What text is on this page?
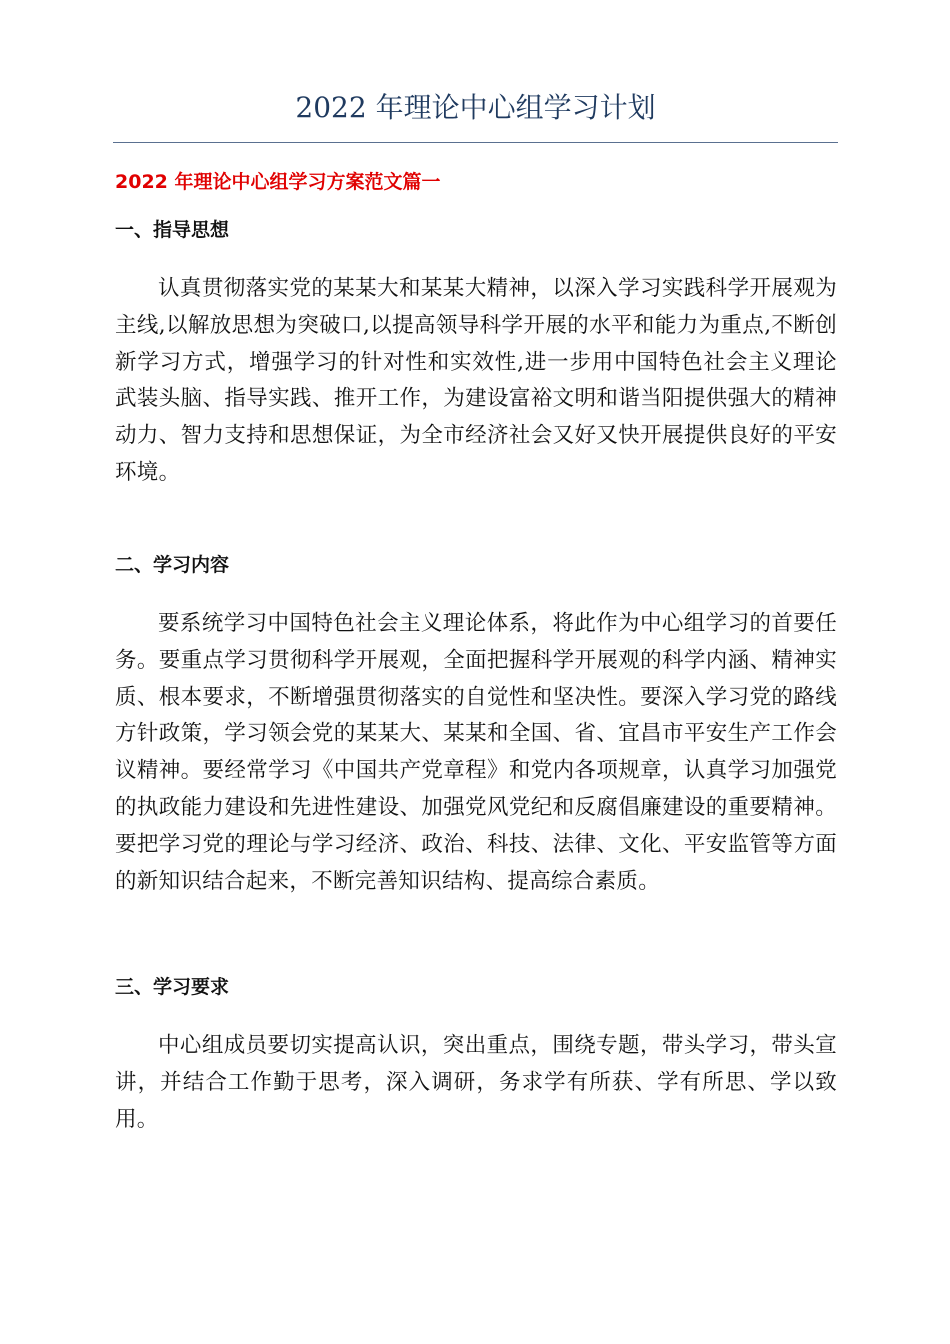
2022 年理论中心组学习计划
2022 年理论中心组学习方案范文篇一
一、指导思想

认真贯彻落实党的某某大和某某大精神，以深入学习实践科学开展观为主线,以解放思想为突破口,以提高领导科学开展的水平和能力为重点,不断创新学习方式，增强学习的针对性和实效性,进一步用中国特色社会主义理论武装头脑、指导实践、推开工作，为建设富裕文明和谐当阳提供强大的精神动力、智力支持和思想保证，为全市经济社会又好又快开展提供良好的平安环境。

二、学习内容

要系统学习中国特色社会主义理论体系，将此作为中心组学习的首要任务。要重点学习贯彻科学开展观，全面把握科学开展观的科学内涵、精神实质、根本要求，不断增强贯彻落实的自觉性和坚决性。要深入学习党的路线方针政策，学习领会党的某某大、某某和全国、省、宜昌市平安生产工作会议精神。要经常学习《中国共产党章程》和党内各项规章，认真学习加强党的执政能力建设和先进性建设、加强党风党纪和反腐倡廉建设的重要精神。要把学习党的理论与学习经济、政治、科技、法律、文化、平安监管等方面的新知识结合起来，不断完善知识结构、提高综合素质。

三、学习要求

中心组成员要切实提高认识，突出重点，围绕专题，带头学习，带头宣讲，并结合工作勤于思考，深入调研，务求学有所获、学有所思、学以致用。
